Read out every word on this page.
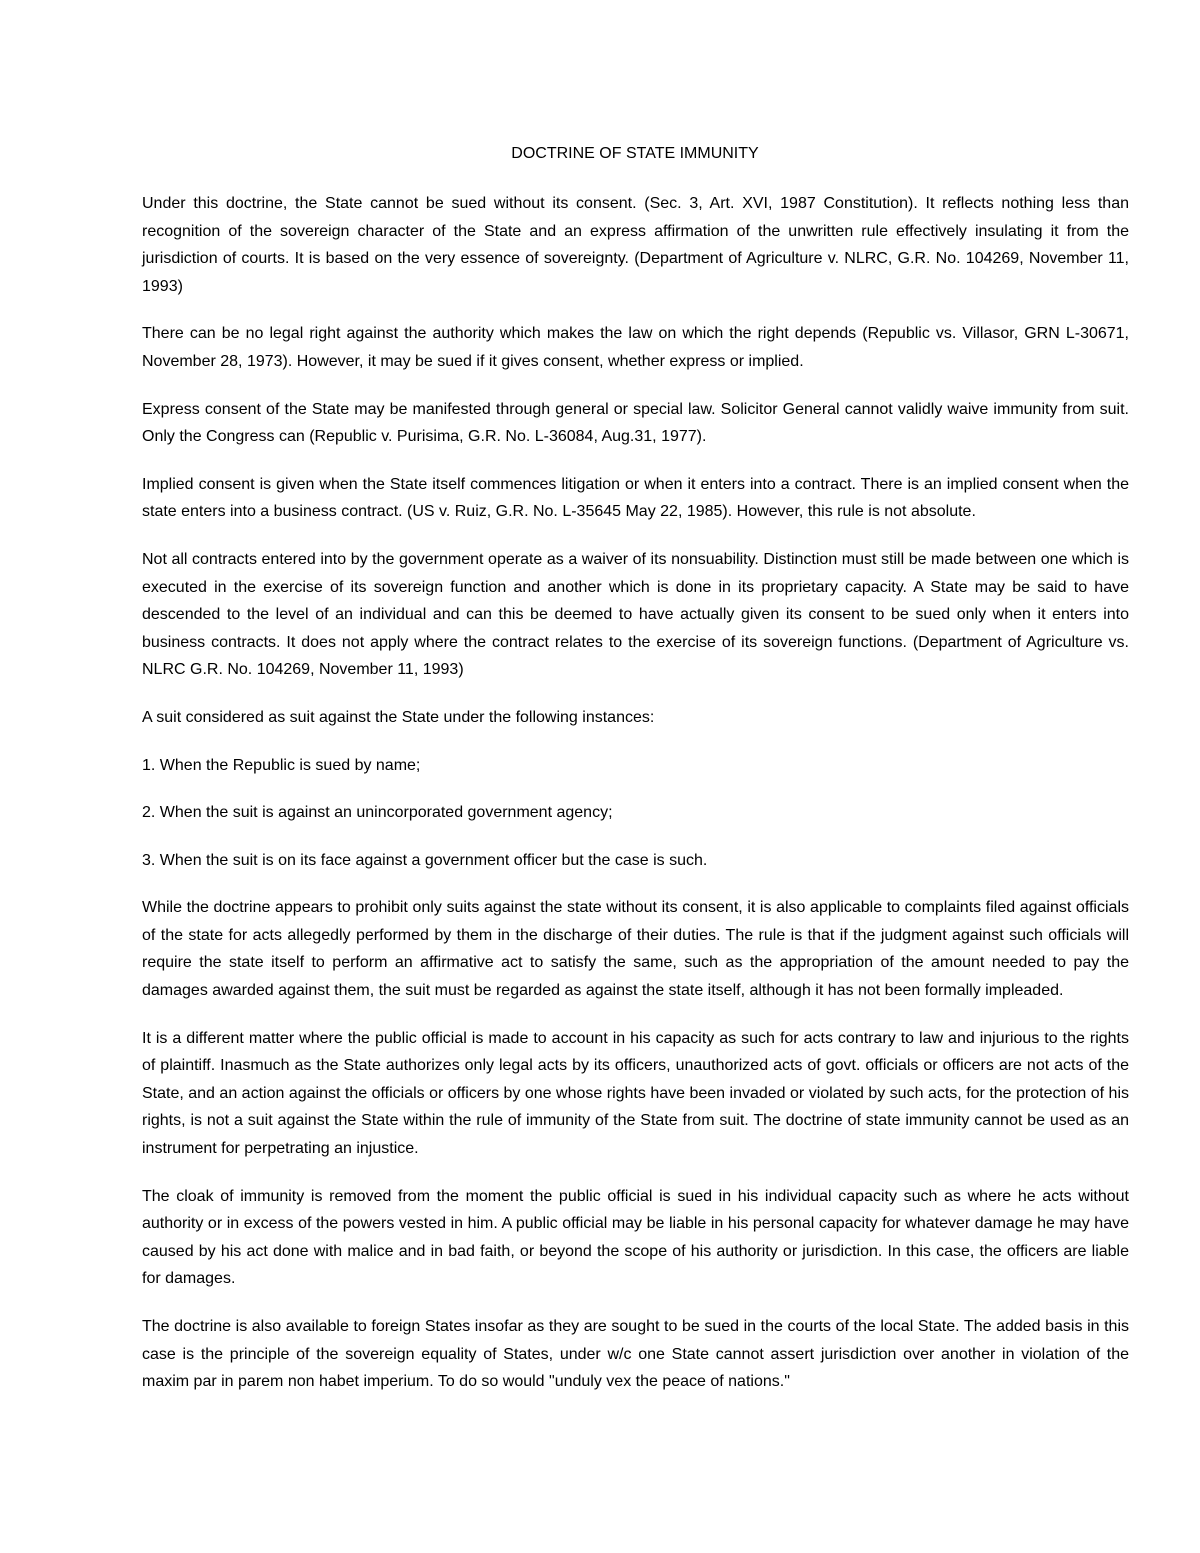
DOCTRINE OF STATE IMMUNITY

Under this doctrine, the State cannot be sued without its consent. (Sec. 3, Art. XVI, 1987 Constitution). It reflects nothing less than recognition of the sovereign character of the State and an express affirmation of the unwritten rule effectively insulating it from the jurisdiction of courts. It is based on the very essence of sovereignty. (Department of Agriculture v. NLRC, G.R. No. 104269, November 11, 1993)

There can be no legal right against the authority which makes the law on which the right depends (Republic vs. Villasor, GRN L-30671, November 28, 1973). However, it may be sued if it gives consent, whether express or implied.

Express consent of the State may be manifested through general or special law. Solicitor General cannot validly waive immunity from suit. Only the Congress can (Republic v. Purisima, G.R. No. L-36084, Aug.31, 1977).

Implied consent is given when the State itself commences litigation or when it enters into a contract. There is an implied consent when the state enters into a business contract. (US v. Ruiz, G.R. No. L-35645 May 22, 1985). However, this rule is not absolute.

Not all contracts entered into by the government operate as a waiver of its nonsuability. Distinction must still be made between one which is executed in the exercise of its sovereign function and another which is done in its proprietary capacity. A State may be said to have descended to the level of an individual and can this be deemed to have actually given its consent to be sued only when it enters into business contracts. It does not apply where the contract relates to the exercise of its sovereign functions. (Department of Agriculture vs. NLRC G.R. No. 104269, November 11, 1993)

A suit considered as suit against the State under the following instances:

1. When the Republic is sued by name;

2. When the suit is against an unincorporated government agency;

3. When the suit is on its face against a government officer but the case is such.

While the doctrine appears to prohibit only suits against the state without its consent, it is also applicable to complaints filed against officials of the state for acts allegedly performed by them in the discharge of their duties. The rule is that if the judgment against such officials will require the state itself to perform an affirmative act to satisfy the same, such as the appropriation of the amount needed to pay the damages awarded against them, the suit must be regarded as against the state itself, although it has not been formally impleaded.

It is a different matter where the public official is made to account in his capacity as such for acts contrary to law and injurious to the rights of plaintiff. Inasmuch as the State authorizes only legal acts by its officers, unauthorized acts of govt. officials or officers are not acts of the State, and an action against the officials or officers by one whose rights have been invaded or violated by such acts, for the protection of his rights, is not a suit against the State within the rule of immunity of the State from suit. The doctrine of state immunity cannot be used as an instrument for perpetrating an injustice.

The cloak of immunity is removed from the moment the public official is sued in his individual capacity such as where he acts without authority or in excess of the powers vested in him. A public official may be liable in his personal capacity for whatever damage he may have caused by his act done with malice and in bad faith, or beyond the scope of his authority or jurisdiction. In this case, the officers are liable for damages.

The doctrine is also available to foreign States insofar as they are sought to be sued in the courts of the local State. The added basis in this case is the principle of the sovereign equality of States, under w/c one State cannot assert jurisdiction over another in violation of the maxim par in parem non habet imperium. To do so would "unduly vex the peace of nations."
